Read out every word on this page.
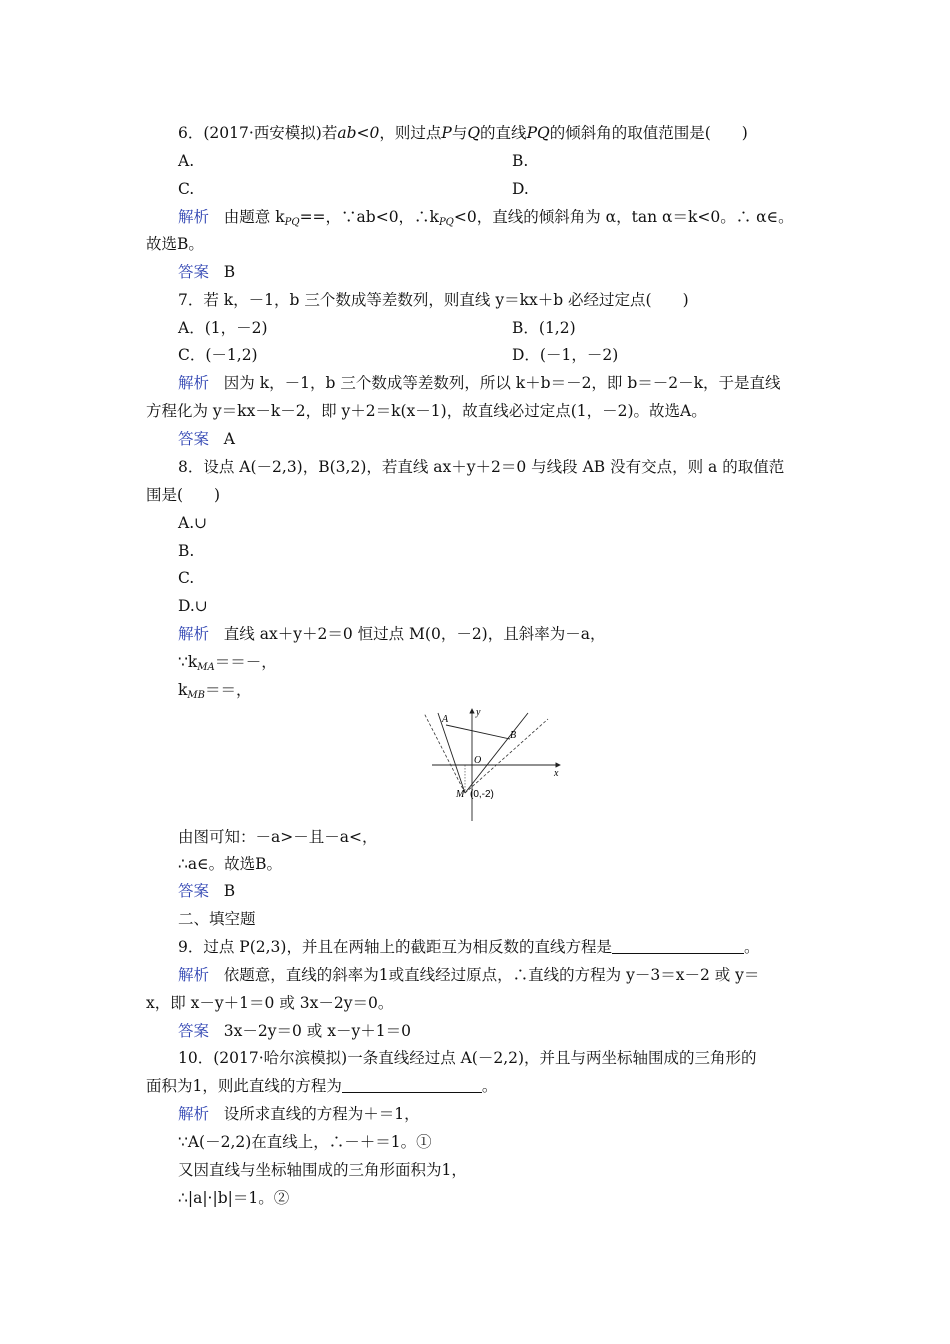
6．(2017·西安模拟)若ab<0，则过点P与Q的直线PQ的倾斜角的取值范围是(　　)
A.	B.
C.	D.
解析 由题意 $k_{PQ}==$，∵ab<0，$\therefore k_{PQ}<0$，直线的倾斜角为 α，tan α＝k<0。∴ α∈。
故选B。
答案 B
7．若 k，－1，b 三个数成等差数列，则直线 y＝kx＋b 必经过定点(　　)
A．(1，－2)	B．(1,2)
C．(－1,2)	D．(－1，－2)
解析 因为 k，－1，b 三个数成等差数列，所以 k＋b＝－2，即 b＝－2－k，于是直线
方程化为 y＝kx－k－2，即 y＋2＝k(x－1)，故直线必过定点(1，－2)。故选A。
答案 A
8．设点 A(－2,3)，B(3,2)，若直线 ax＋y＋2＝0 与线段 AB 没有交点，则 a 的取值范
围是(　　)
A.∪
B.
C.
D.∪
解析 直线 ax＋y＋2＝0 恒过点 M(0，－2)，且斜率为－a，
$\because k_{MA}==-$，
$k_{MB}==$，
A
B
O
M
x
y
(0,-2)
由图可知：－a>－且－a<，
∴a∈。故选B。
答案 B
二、填空题
9．过点 P(2,3)，并且在两轴上的截距互为相反数的直线方程是	。
解析 依题意，直线的斜率为1或直线经过原点，∴直线的方程为 y－3＝x－2 或 y＝
x，即 x－y＋1＝0 或 3x－2y＝0。
答案 3x－2y＝0 或 x－y＋1＝0
10．(2017·哈尔滨模拟)一条直线经过点 A(－2,2)，并且与两坐标轴围成的三角形的
面积为1，则此直线的方程为	。
解析 设所求直线的方程为＋＝1，
∵A(－2,2)在直线上，∴－＋＝1。①
又因直线与坐标轴围成的三角形面积为1，
∴|a|·|b|＝1。②
